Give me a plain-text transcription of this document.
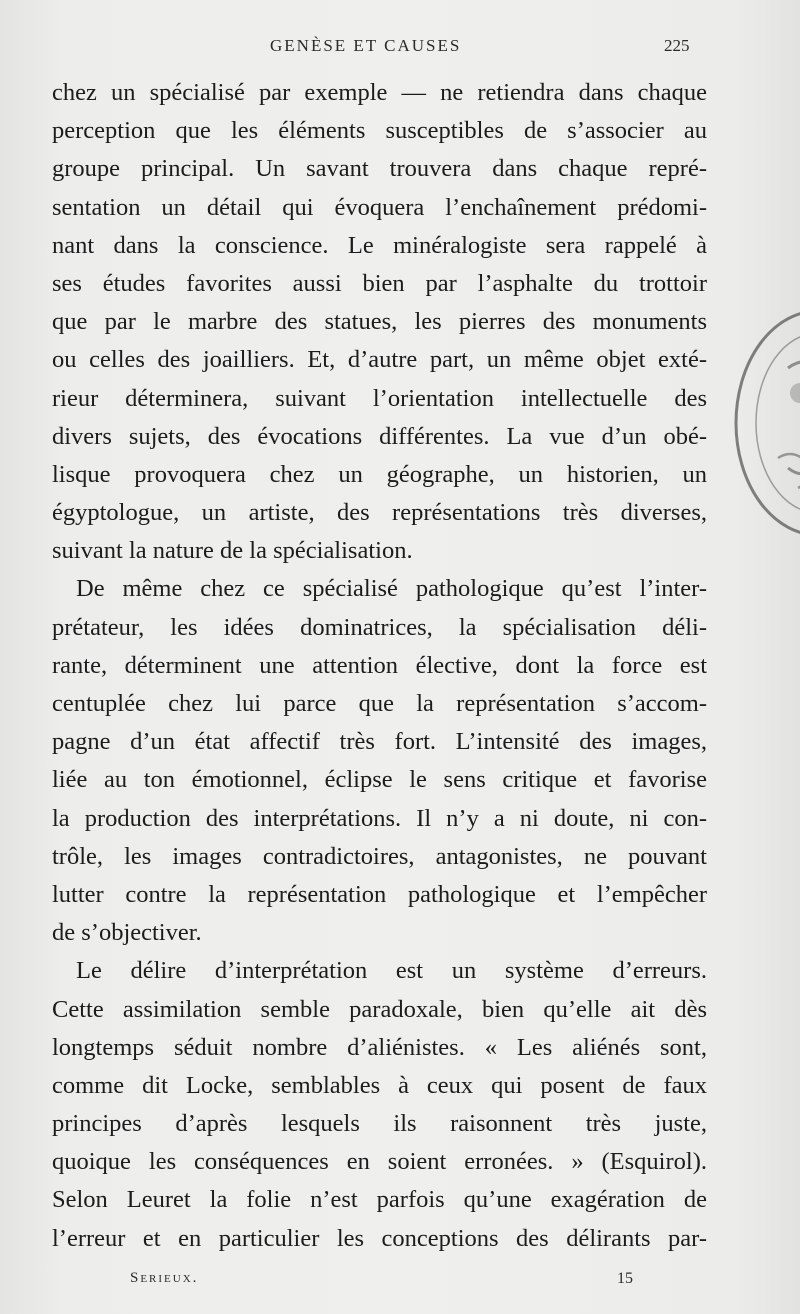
GENÈSE ET CAUSES	225
chez un spécialisé par exemple — ne retiendra dans chaque
perception que les éléments susceptibles de s’associer au
groupe principal. Un savant trouvera dans chaque repré-
sentation un détail qui évoquera l’enchaînement prédomi-
nant dans la conscience. Le minéralogiste sera rappelé à
ses études favorites aussi bien par l’asphalte du trottoir
que par le marbre des statues, les pierres des monuments
ou celles des joailliers. Et, d’autre part, un même objet exté-
rieur déterminera, suivant l’orientation intellectuelle des
divers sujets, des évocations différentes. La vue d’un obé-
lisque provoquera chez un géographe, un historien, un
égyptologue, un artiste, des représentations très diverses,
suivant la nature de la spécialisation.
De même chez ce spécialisé pathologique qu’est l’inter-
prétateur, les idées dominatrices, la spécialisation déli-
rante, déterminent une attention élective, dont la force est
centuplée chez lui parce que la représentation s’accom-
pagne d’un état affectif très fort. L’intensité des images,
liée au ton émotionnel, éclipse le sens critique et favorise
la production des interprétations. Il n’y a ni doute, ni con-
trôle, les images contradictoires, antagonistes, ne pouvant
lutter contre la représentation pathologique et l’empêcher
de s’objectiver.
Le délire d’interprétation est un système d’erreurs.
Cette assimilation semble paradoxale, bien qu’elle ait dès
longtemps séduit nombre d’aliénistes. « Les aliénés sont,
comme dit Locke, semblables à ceux qui posent de faux
principes d’après lesquels ils raisonnent très juste,
quoique les conséquences en soient erronées. » (Esquirol).
Selon Leuret la folie n’est parfois qu’une exagération de
l’erreur et en particulier les conceptions des délirants par-
Serieux.	15
